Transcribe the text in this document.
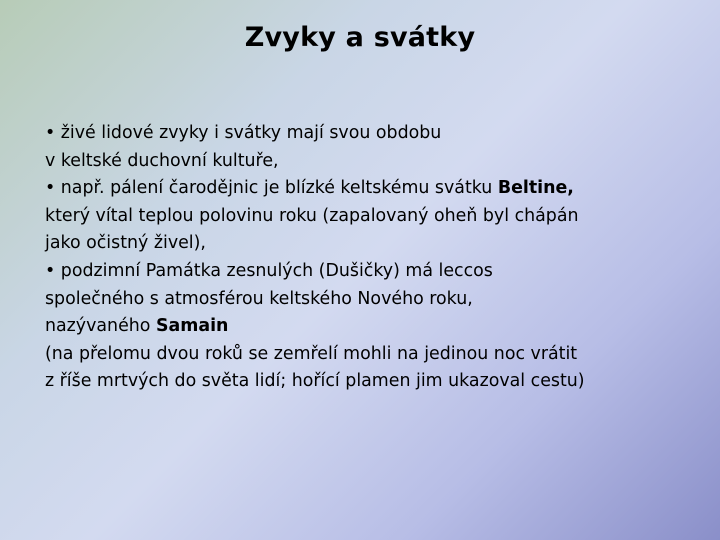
Zvyky a svátky
• živé lidové zvyky i svátky mají svou obdobu
v keltské duchovní kultuře,
• např. pálení čarodějnic je blízké keltskému svátku Beltine,
který vítal teplou polovinu roku (zapalovaný oheň byl chápán
jako očistný živel),
• podzimní Památka zesnulých (Dušičky) má leccos
společného s atmosférou keltského Nového roku,
nazývaného Samain
(na přelomu dvou roků se zemřelí mohli na jedinou noc vrátit
z říše mrtvých do světa lidí; hořící plamen jim ukazoval cestu)
